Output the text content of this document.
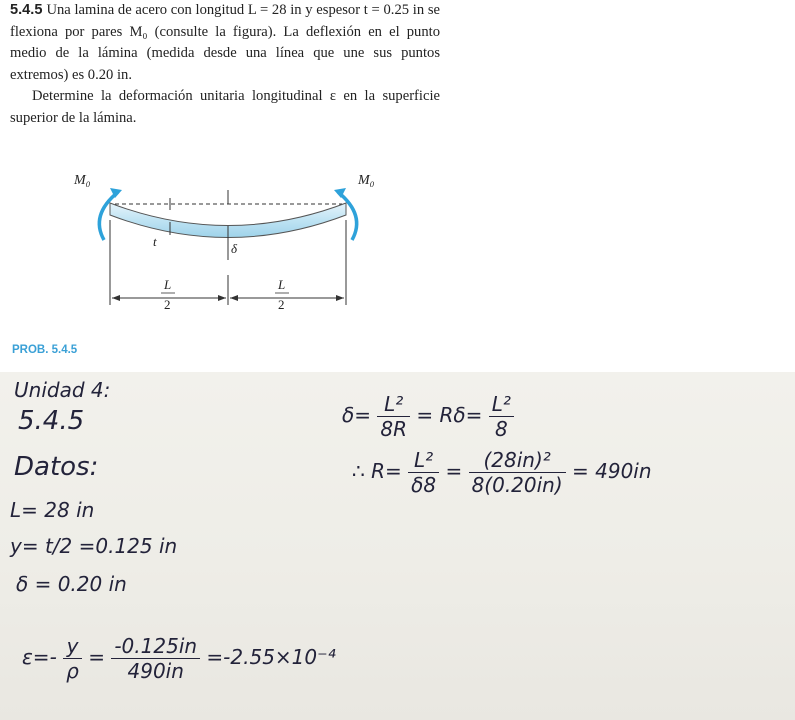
5.4.5 Una lamina de acero con longitud L = 28 in y espesor t = 0.25 in se flexiona por pares M₀ (consulte la figura). La deflexión en el punto medio de la lámina (medida desde una línea que une sus puntos extremos) es 0.20 in.

Determine la deformación unitaria longitudinal ε en la superficie superior de la lámina.

M₀	M₀
t	δ
L
2
L
2
PROB. 5.4.5
Unidad 4:
5.4.5
Datos:
L= 28 in
y= t/2 =0.125 in
δ = 0.20 in
$\delta= \frac{\text{L²}}{8R} = R\delta= \frac{\text{L²}}{8}$
∴ $R= \frac{\text{L²}}{\delta 8} = \frac{\text{(28in)²}}{8(0.20in)} = 490in$
$\varepsilon=- \frac{y}{\rho} = \frac{-0.125in}{490in} =-2.55\times 10^{-4}$
